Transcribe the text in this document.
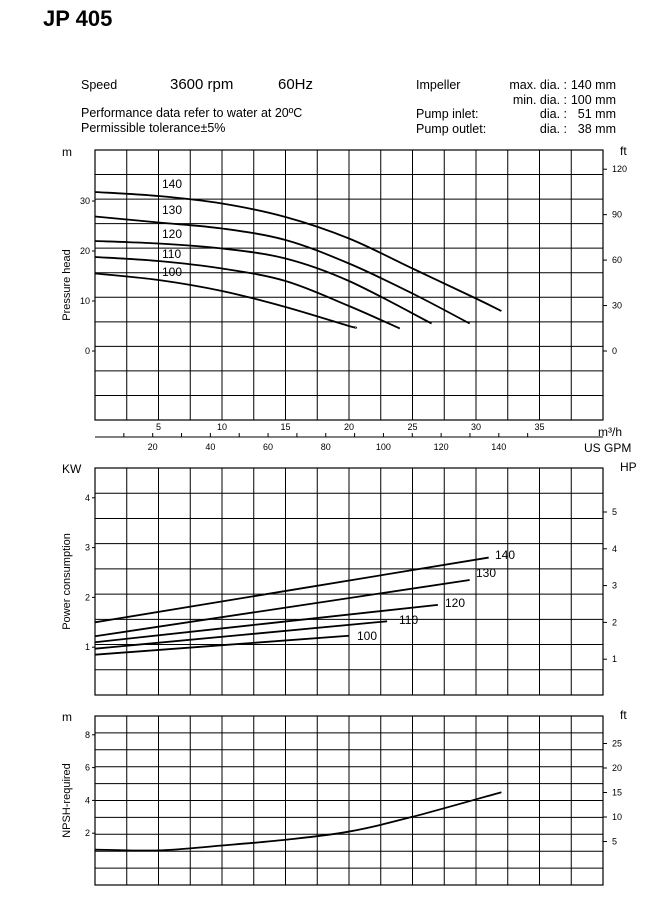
JP 405
Speed	3600 rpm	60Hz
Performance data refer to water at 20ºC
Permissible tolerance±5%
Impeller	max. dia. : 140 mm
min. dia. : 100 mm
Pump inlet:	dia. : 51 mm
Pump outlet:	dia. : 38 mm
0
10
20
30
0
30
60
90
120
m	ft
Pressure head
1
2
3
4
1
2
3
4
5
KW	HP
Power consumption
2
4
6
8
5
10
15
20
25
m	ft
NPSH-required
140
130
120
110
100
140
130
120
110
100
5	10	15	20	25	30	35	m³/h
20	40	60	80	100	120	140	US GPM
